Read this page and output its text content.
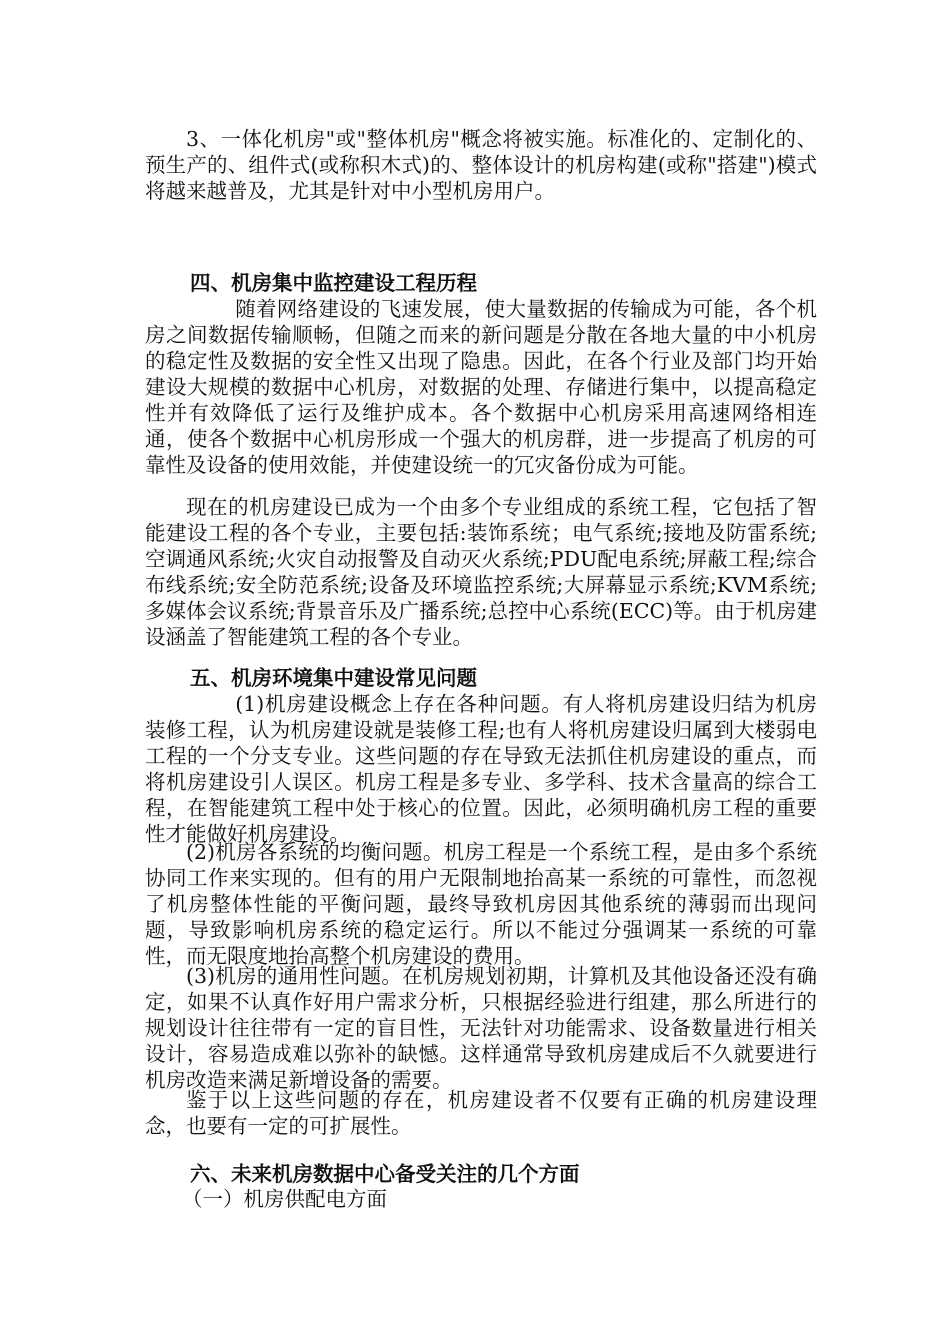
3、一体化机房"或"整体机房"概念将被实施。标准化的、定制化的、预生产的、组件式(或称积木式)的、整体设计的机房构建(或称"搭建")模式将越来越普及，尤其是针对中小型机房用户。

四、机房集中监控建设工程历程

随着网络建设的飞速发展，使大量数据的传输成为可能，各个机房之间数据传输顺畅，但随之而来的新问题是分散在各地大量的中小机房的稳定性及数据的安全性又出现了隐患。因此，在各个行业及部门均开始建设大规模的数据中心机房，对数据的处理、存储进行集中，以提高稳定性并有效降低了运行及维护成本。各个数据中心机房采用高速网络相连通，使各个数据中心机房形成一个强大的机房群，进一步提高了机房的可靠性及设备的使用效能，并使建设统一的冗灾备份成为可能。

现在的机房建设已成为一个由多个专业组成的系统工程，它包括了智能建设工程的各个专业，主要包括:装饰系统；电气系统;接地及防雷系统;空调通风系统;火灾自动报警及自动灭火系统;PDU配电系统;屏蔽工程;综合布线系统;安全防范系统;设备及环境监控系统;大屏幕显示系统;KVM系统;多媒体会议系统;背景音乐及广播系统;总控中心系统(ECC)等。由于机房建设涵盖了智能建筑工程的各个专业。

五、机房环境集中建设常见问题

(1)机房建设概念上存在各种问题。有人将机房建设归结为机房装修工程，认为机房建设就是装修工程;也有人将机房建设归属到大楼弱电工程的一个分支专业。这些问题的存在导致无法抓住机房建设的重点，而将机房建设引人误区。机房工程是多专业、多学科、技术含量高的综合工程，在智能建筑工程中处于核心的位置。因此，必须明确机房工程的重要性才能做好机房建设。

(2)机房各系统的均衡问题。机房工程是一个系统工程，是由多个系统协同工作来实现的。但有的用户无限制地抬高某一系统的可靠性，而忽视了机房整体性能的平衡问题，最终导致机房因其他系统的薄弱而出现问题，导致影响机房系统的稳定运行。所以不能过分强调某一系统的可靠性，而无限度地抬高整个机房建设的费用。

(3)机房的通用性问题。在机房规划初期，计算机及其他设备还没有确定，如果不认真作好用户需求分析，只根据经验进行组建，那么所进行的规划设计往往带有一定的盲目性，无法针对功能需求、设备数量进行相关设计，容易造成难以弥补的缺憾。这样通常导致机房建成后不久就要进行机房改造来满足新增设备的需要。

鉴于以上这些问题的存在，机房建设者不仅要有正确的机房建设理念，也要有一定的可扩展性。

六、未来机房数据中心备受关注的几个方面

（一）机房供配电方面
